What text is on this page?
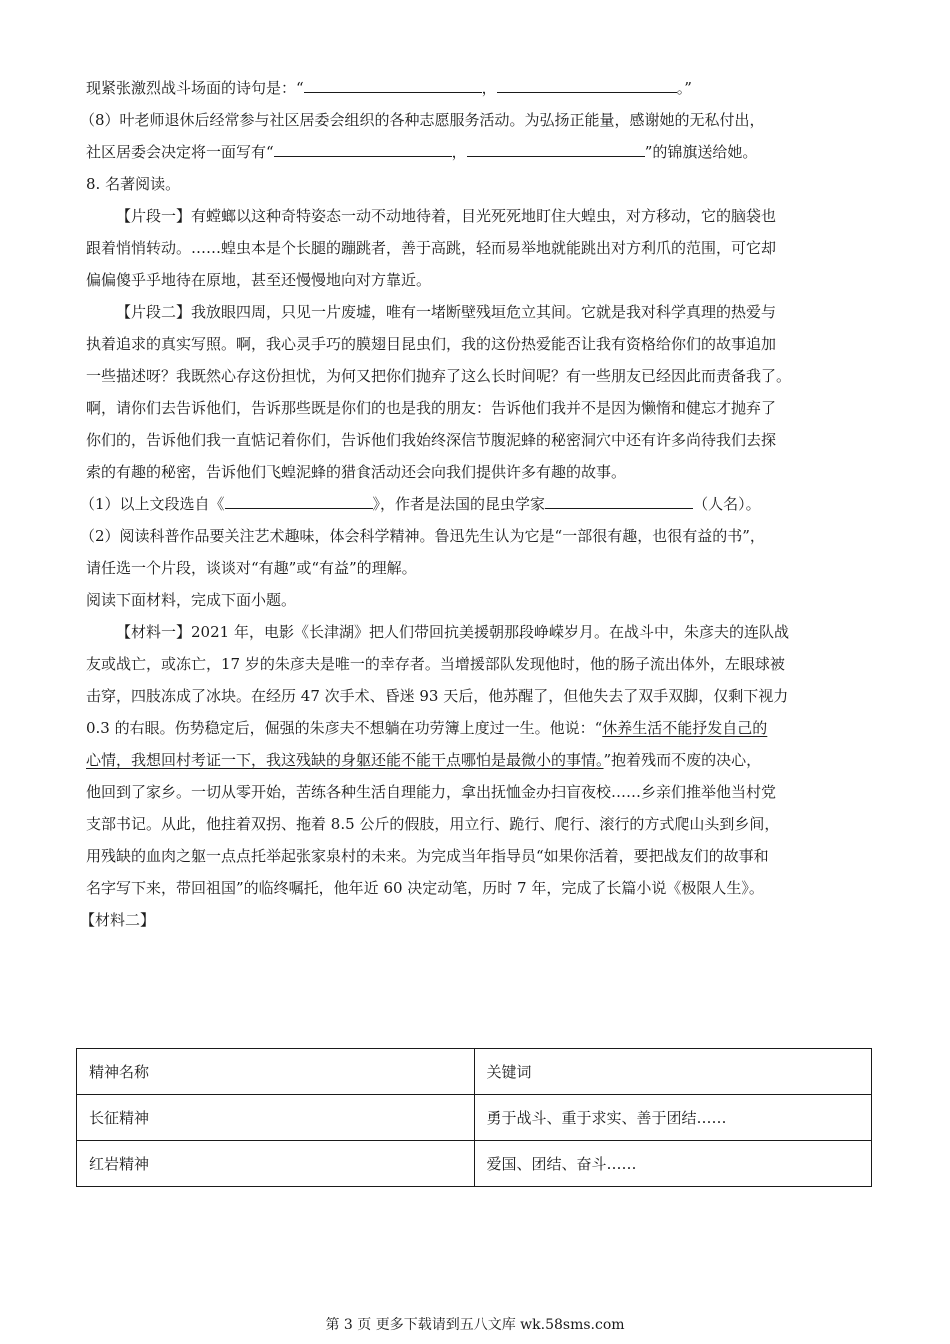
现紧张激烈战斗场面的诗句是：“	，	。”
（8）叶老师退休后经常参与社区居委会组织的各种志愿服务活动。为弘扬正能量，感谢她的无私付出，
社区居委会决定将一面写有“	，	”的锦旗送给她。
8. 名著阅读。
【片段一】有螳螂以这种奇特姿态一动不动地待着，目光死死地盯住大蝗虫，对方移动，它的脑袋也
跟着悄悄转动。……蝗虫本是个长腿的蹦跳者，善于高跳，轻而易举地就能跳出对方利爪的范围，可它却
偏偏傻乎乎地待在原地，甚至还慢慢地向对方靠近。
【片段二】我放眼四周，只见一片废墟，唯有一堵断壁残垣危立其间。它就是我对科学真理的热爱与
执着追求的真实写照。啊，我心灵手巧的膜翅目昆虫们，我的这份热爱能否让我有资格给你们的故事追加
一些描述呀？我既然心存这份担忧，为何又把你们抛弃了这么长时间呢？有一些朋友已经因此而责备我了。
啊，请你们去告诉他们，告诉那些既是你们的也是我的朋友：告诉他们我并不是因为懒惰和健忘才抛弃了
你们的，告诉他们我一直惦记着你们，告诉他们我始终深信节腹泥蜂的秘密洞穴中还有许多尚待我们去探
索的有趣的秘密，告诉他们飞蝗泥蜂的猎食活动还会向我们提供许多有趣的故事。
（1）以上文段选自《	》，作者是法国的昆虫学家	（人名）。
（2）阅读科普作品要关注艺术趣味，体会科学精神。鲁迅先生认为它是“一部很有趣，也很有益的书”，
请任选一个片段，谈谈对“有趣”或“有益”的理解。
阅读下面材料，完成下面小题。
【材料一】2021 年，电影《长津湖》把人们带回抗美援朝那段峥嵘岁月。在战斗中，朱彦夫的连队战
友或战亡，或冻亡，17 岁的朱彦夫是唯一的幸存者。当增援部队发现他时，他的肠子流出体外，左眼球被
击穿，四肢冻成了冰块。在经历 47 次手术、昏迷 93 天后，他苏醒了，但他失去了双手双脚，仅剩下视力
0.3 的右眼。伤势稳定后，倔强的朱彦夫不想躺在功劳簿上度过一生。他说：“休养生活不能抒发自己的
心情，我想回村考证一下，我这残缺的身躯还能不能干点哪怕是最微小的事情。”抱着残而不废的决心，
他回到了家乡。一切从零开始，苦练各种生活自理能力，拿出抚恤金办扫盲夜校……乡亲们推举他当村党
支部书记。从此，他拄着双拐、拖着 8.5 公斤的假肢，用立行、跪行、爬行、滚行的方式爬山头到乡间，
用残缺的血肉之躯一点点托举起张家泉村的未来。为完成当年指导员“如果你活着，要把战友们的故事和
名字写下来，带回祖国”的临终嘱托，他年近 60 决定动笔，历时 7 年，完成了长篇小说《极限人生》。
【材料二】
精神名称	关键词
长征精神	勇于战斗、重于求实、善于团结……
红岩精神	爱国、团结、奋斗……
第 3 页 更多下载请到五八文库 wk.58sms.com
